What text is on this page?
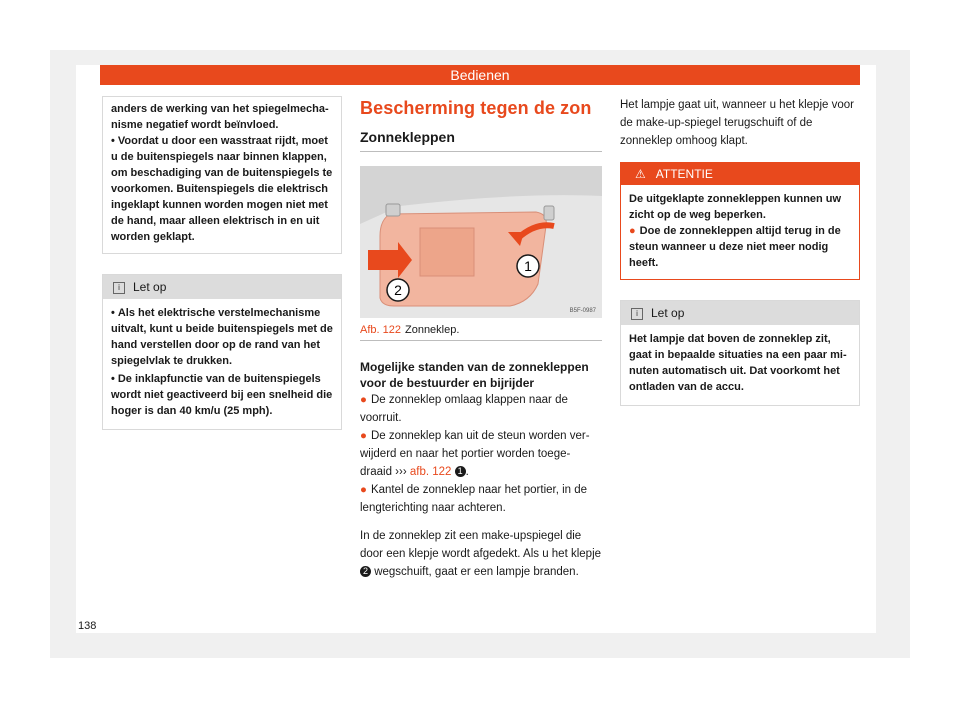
Bedienen

anders de werking van het spiegelmecha-nisme negatief wordt beïnvloed.

• Voordat u door een wasstraat rijdt, moet u de buitenspiegels naar binnen klappen, om beschadiging van de buitenspiegels te voorkomen. Buitenspiegels die elektrisch ingeklapt kunnen worden mogen niet met de hand, maar alleen elektrisch in en uit worden geklapt.

i Let op

• Als het elektrische verstelmechanisme uitvalt, kunt u beide buitenspiegels met de hand verstellen door op de rand van het spiegelvlak te drukken.

• De inklapfunctie van de buitenspiegels wordt niet geactiveerd bij een snelheid die hoger is dan 40 km/u (25 mph).

Bescherming tegen de zon
Zonnekleppen
1
2
B5F-0987
Afb. 122 Zonneklep.
Mogelijke standen van de zonnekleppen voor de bestuurder en bijrijder

● De zonneklep omlaag klappen naar de voorruit.

● De zonneklep kan uit de steun worden ver-wijderd en naar het portier worden toege-draaid ››› afb. 122 1 .

● Kantel de zonneklep naar het portier, in de lengterichting naar achteren.

In de zonneklep zit een make-upspiegel die door een klepje wordt afgedekt. Als u het klepje 2 wegschuift, gaat er een lampje branden.

Het lampje gaat uit, wanneer u het klepje voor de make-up-spiegel terugschuift of de zonneklep omhoog klapt.
⚠ ATTENTIE

De uitgeklapte zonnekleppen kunnen uw zicht op de weg beperken.

● Doe de zonnekleppen altijd terug in de steun wanneer u deze niet meer nodig heeft.

i Let op

Het lampje dat boven de zonneklep zit, gaat in bepaalde situaties na een paar mi-nuten automatisch uit. Dat voorkomt het ontladen van de accu.

138
